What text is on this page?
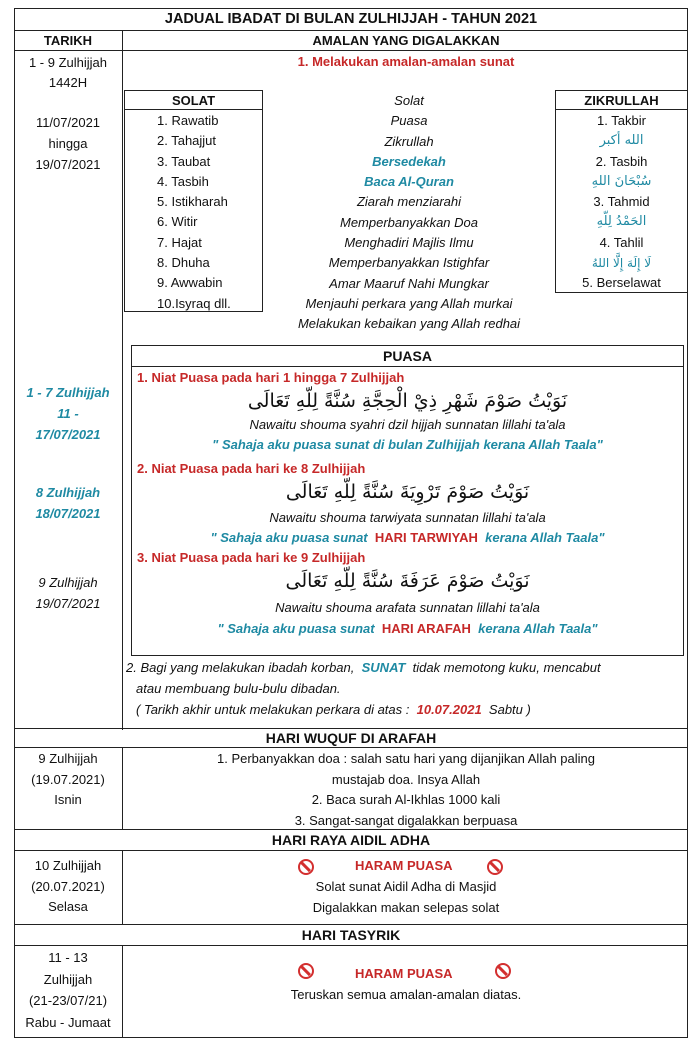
JADUAL IBADAT DI BULAN ZULHIJJAH - TAHUN 2021
TARIKH	AMALAN YANG DIGALAKKAN
1 - 9 Zulhijjah
1442H
11/07/2021
hingga
19/07/2021
1. Melakukan amalan-amalan sunat
SOLAT
1. Rawatib
2. Tahajjut
3. Taubat
4. Tasbih
5. Istikharah
6. Witir
7. Hajat
8. Dhuha
9. Awwabin
10.Isyraq dll.
Solat
Puasa
Zikrullah
Bersedekah
Baca Al-Quran
Ziarah menziarahi
Memperbanyakkan Doa
Menghadiri Majlis Ilmu
Memperbanyakkan Istighfar
Amar Maaruf Nahi Mungkar
Menjauhi perkara yang Allah murkai
Melakukan kebaikan yang Allah redhai
ZIKRULLAH
1. Takbir
الله أكبر
2. Tasbih
سُبْحَانَ اللهِ
3. Tahmid
الحَمْدُ لِلّهِ
4. Tahlil
لَا إِلَهَ إِلَّا اللهُ
5. Berselawat
PUASA
1 - 7 Zulhijjah
11 -
17/07/2021
8 Zulhijjah
18/07/2021
9 Zulhijjah
19/07/2021
1. Niat Puasa pada hari 1 hingga 7 Zulhijjah
نَوَيْتُ صَوْمَ شَهْرِ ذِيْ الْحِجَّةِ سُنَّةً لِلّهِ تَعَالَى
Nawaitu shouma syahri dzil hijjah sunnatan lillahi ta'ala
" Sahaja aku puasa sunat di bulan Zulhijjah kerana Allah Taala"
2. Niat Puasa pada hari ke 8 Zulhijjah
نَوَيْتُ صَوْمَ تَرْوِيَةَ سُنَّةً لِلّهِ تَعَالَى
Nawaitu shouma tarwiyata sunnatan lillahi ta'ala
" Sahaja aku puasa sunat HARI TARWIYAH kerana Allah Taala"
3. Niat Puasa pada hari ke 9 Zulhijjah
نَوَيْتُ صَوْمَ عَرَفَةَ سُنَّةً لِلّهِ تَعَالَى
Nawaitu shouma arafata sunnatan lillahi ta'ala
" Sahaja aku puasa sunat HARI ARAFAH kerana Allah Taala"
2. Bagi yang melakukan ibadah korban, SUNAT tidak memotong kuku, mencabut
atau membuang bulu-bulu dibadan.
( Tarikh akhir untuk melakukan perkara di atas : 10.07.2021 Sabtu )
HARI WUQUF DI ARAFAH
9 Zulhijjah
(19.07.2021)
Isnin
1. Perbanyakkan doa : salah satu hari yang dijanjikan Allah paling
mustajab doa. Insya Allah
2. Baca surah Al-Ikhlas 1000 kali
3. Sangat-sangat digalakkan berpuasa
HARI RAYA AIDIL ADHA
10 Zulhijjah
(20.07.2021)
Selasa
HARAM PUASA
Solat sunat Aidil Adha di Masjid
Digalakkan makan selepas solat
HARI TASYRIK
11 - 13
Zulhijjah
(21-23/07/21)
Rabu - Jumaat
HARAM PUASA
Teruskan semua amalan-amalan diatas.
